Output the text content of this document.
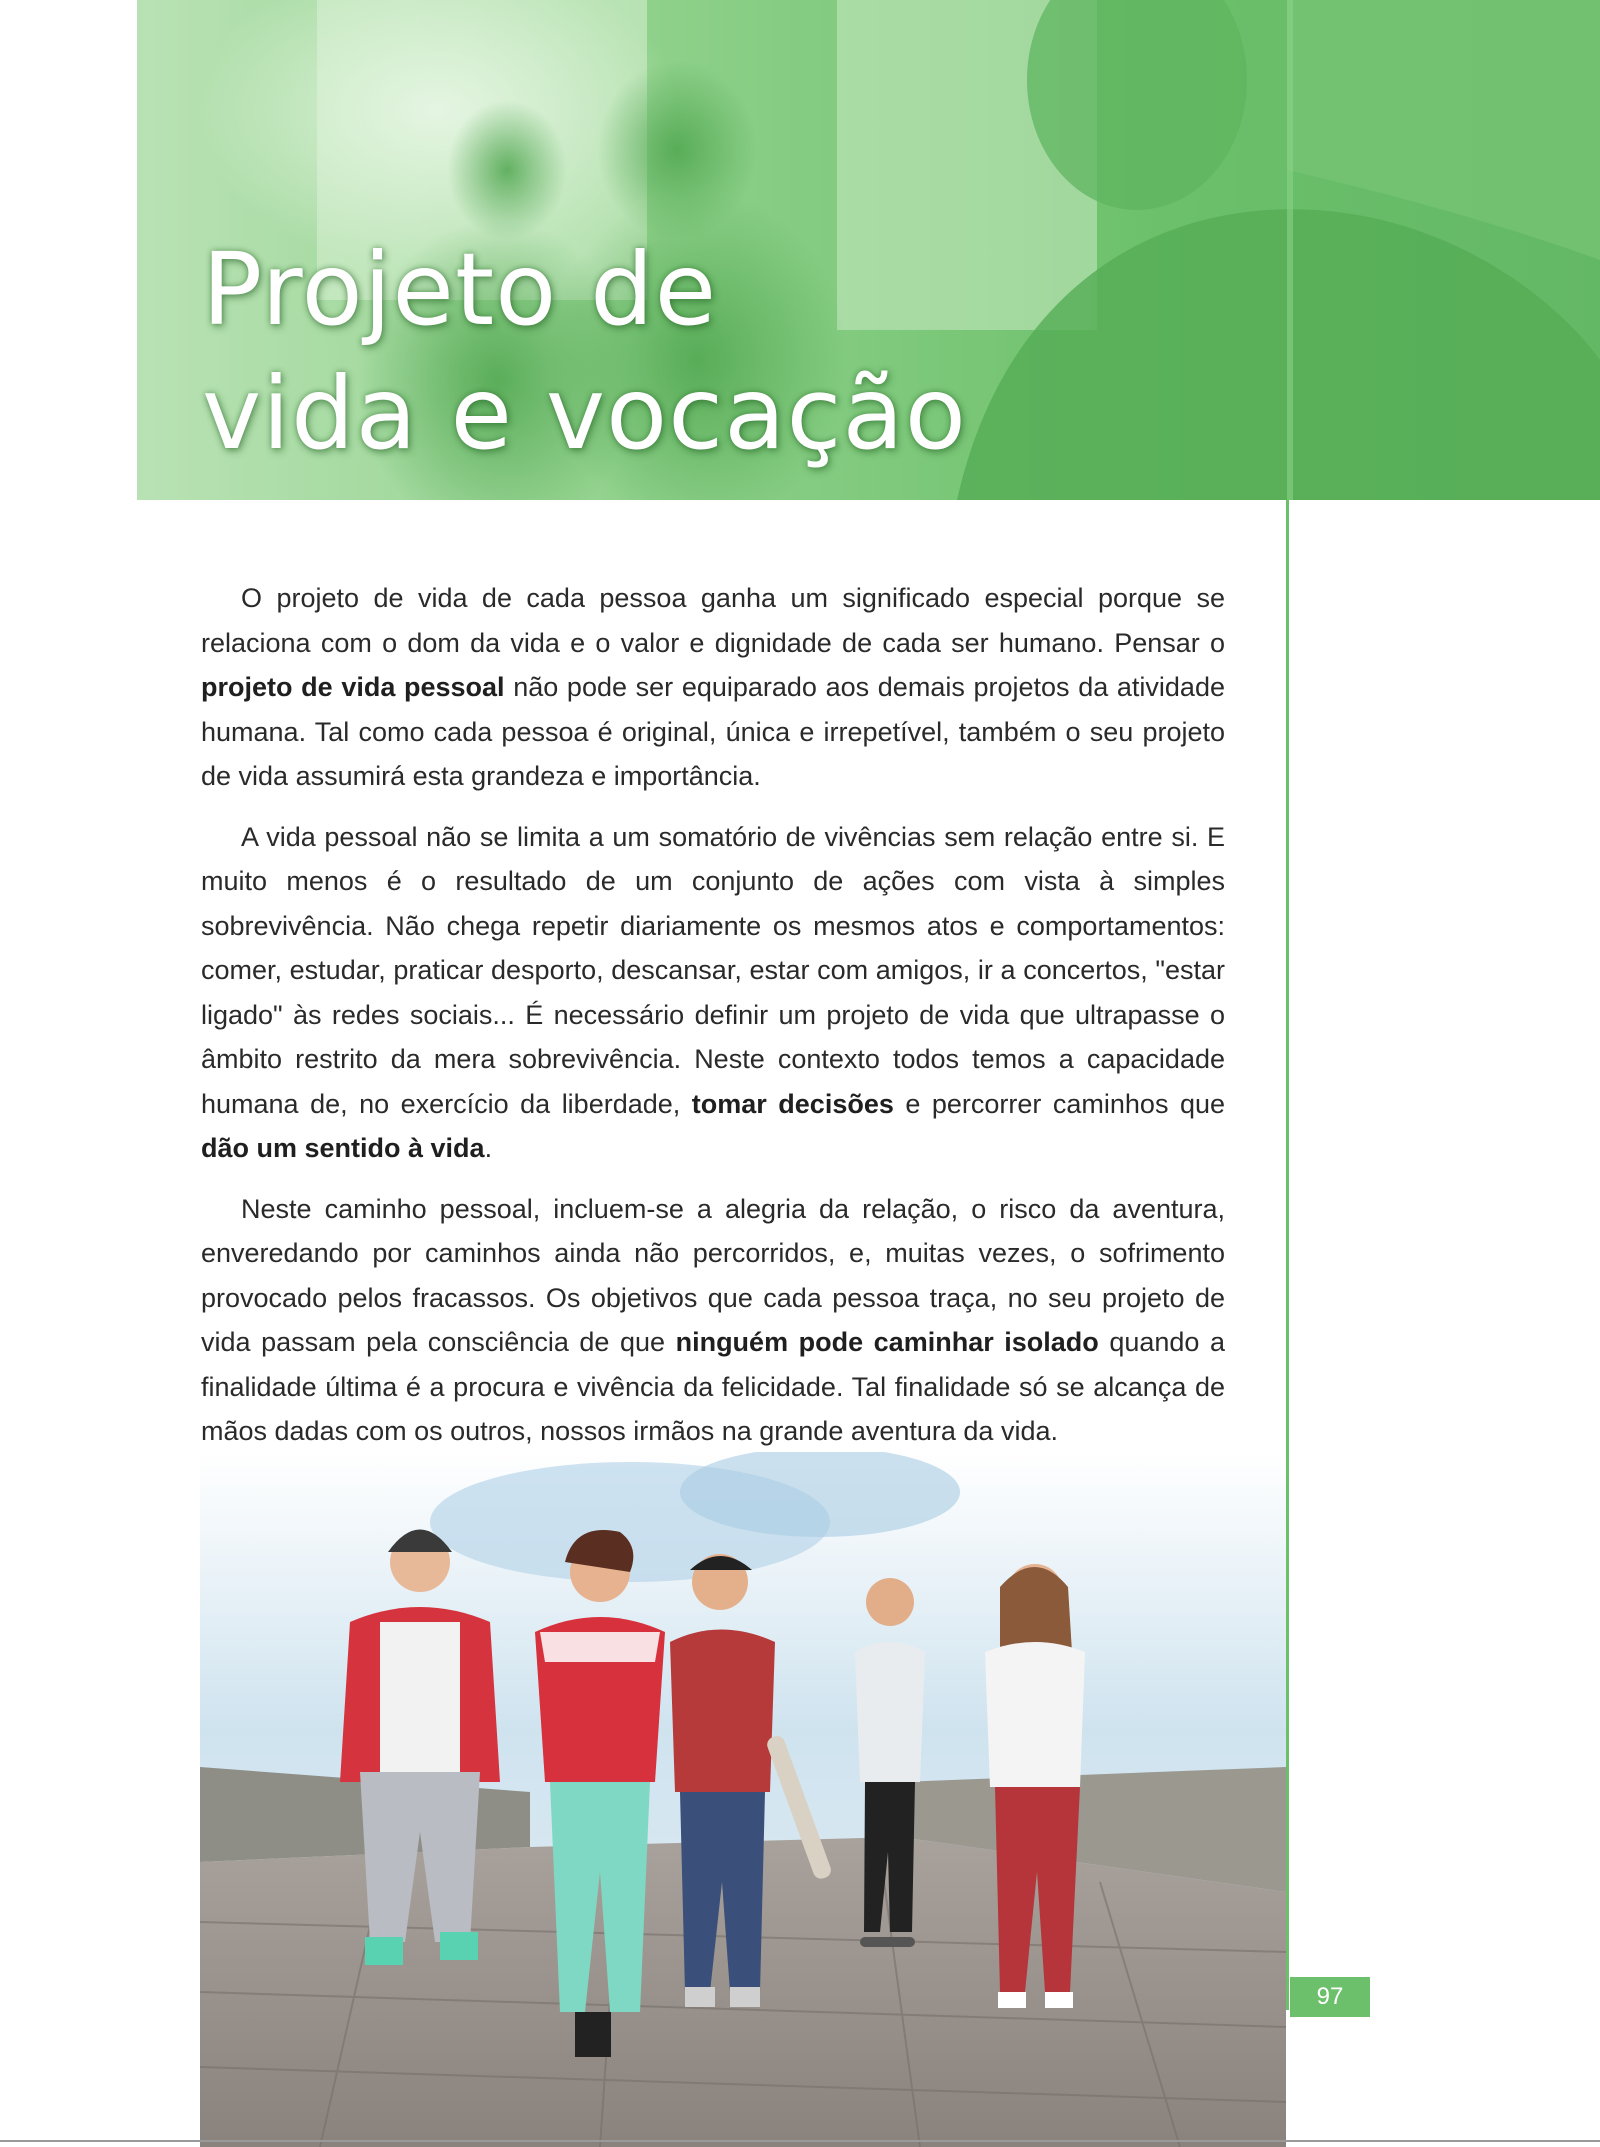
Projeto de
vida e vocação

O projeto de vida de cada pessoa ganha um significado especial porque se relaciona com o dom da vida e o valor e dignidade de cada ser humano. Pensar o projeto de vida pessoal não pode ser equiparado aos demais projetos da atividade humana. Tal como cada pessoa é original, única e irrepetível, também o seu projeto de vida assumirá esta grandeza e importância.

A vida pessoal não se limita a um somatório de vivências sem relação entre si. E muito menos é o resultado de um conjunto de ações com vista à simples sobrevivência. Não chega repetir diariamente os mesmos atos e comportamentos: comer, estudar, praticar desporto, descansar, estar com amigos, ir a concertos, "estar ligado" às redes sociais... É necessário definir um projeto de vida que ultrapasse o âmbito restrito da mera sobrevivência. Neste contexto todos temos a capacidade humana de, no exercício da liberdade, tomar decisões e percorrer caminhos que dão um sentido à vida.

Neste caminho pessoal, incluem-se a alegria da relação, o risco da aventura, enveredando por caminhos ainda não percorridos, e, muitas vezes, o sofrimento provocado pelos fracassos. Os objetivos que cada pessoa traça, no seu projeto de vida passam pela consciência de que ninguém pode caminhar isolado quando a finalidade última é a procura e vivência da felicidade. Tal finalidade só se alcança de mãos dadas com os outros, nossos irmãos na grande aventura da vida.

97
